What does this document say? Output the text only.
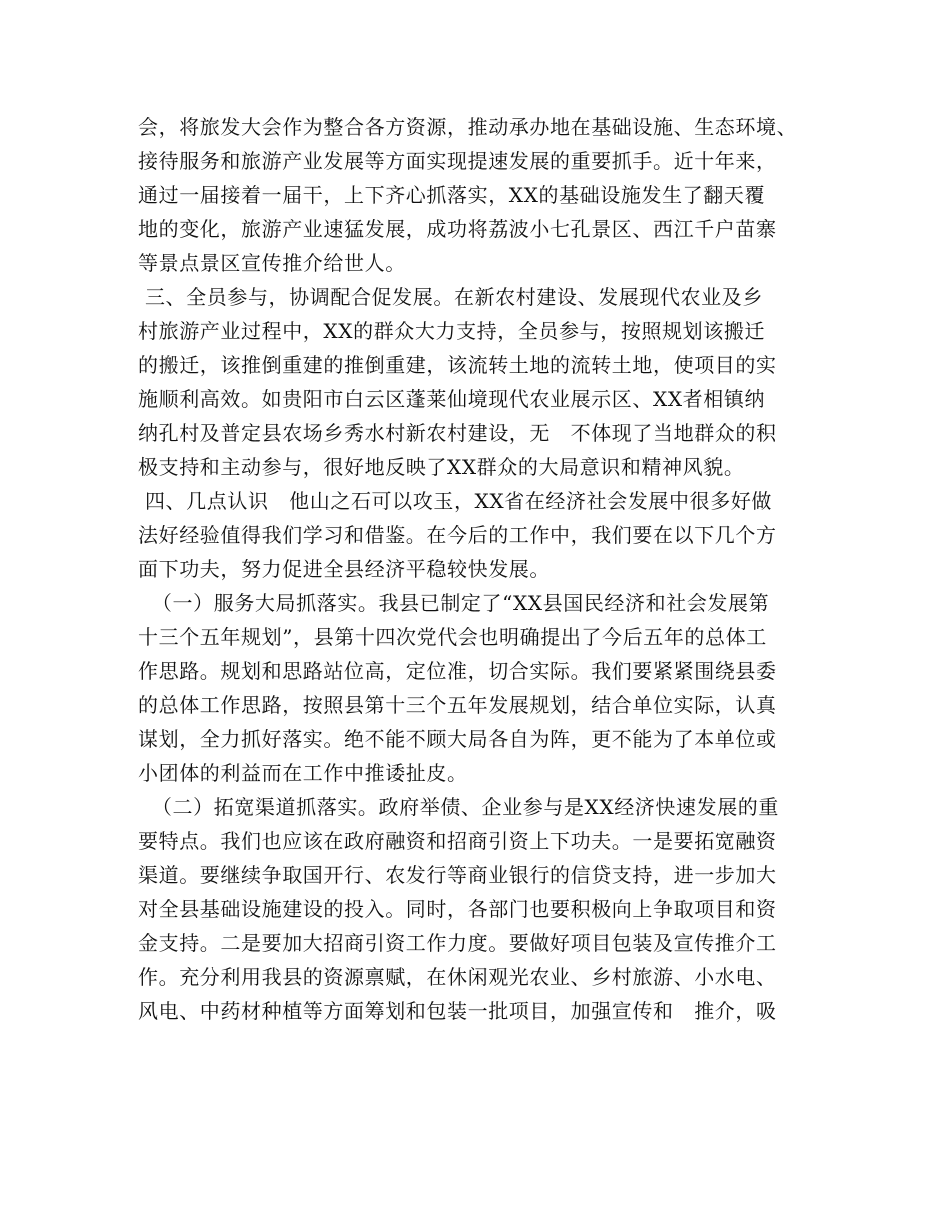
会，将旅发大会作为整合各方资源，推动承办地在基础设施、生态环境、
接待服务和旅游产业发展等方面实现提速发展的重要抓手。近十年来，
通过一届接着一届干，上下齐心抓落实，XX的基础设施发生了翻天覆
地的变化，旅游产业速猛发展，成功将荔波小七孔景区、西江千户苗寨
等景点景区宣传推介给世人。
三、全员参与，协调配合促发展。在新农村建设、发展现代农业及乡
村旅游产业过程中，XX的群众大力支持，全员参与，按照规划该搬迁
的搬迁，该推倒重建的推倒重建，该流转土地的流转土地，使项目的实
施顺利高效。如贵阳市白云区蓬莱仙境现代农业展示区、XX者相镇纳
纳孔村及普定县农场乡秀水村新农村建设，无　不体现了当地群众的积
极支持和主动参与，很好地反映了XX群众的大局意识和精神风貌。
四、几点认识　他山之石可以攻玉，XX省在经济社会发展中很多好做
法好经验值得我们学习和借鉴。在今后的工作中，我们要在以下几个方
面下功夫，努力促进全县经济平稳较快发展。
（一）服务大局抓落实。我县已制定了“XX县国民经济和社会发展第
十三个五年规划”，县第十四次党代会也明确提出了今后五年的总体工
作思路。规划和思路站位高，定位准，切合实际。我们要紧紧围绕县委
的总体工作思路，按照县第十三个五年发展规划，结合单位实际，认真
谋划，全力抓好落实。绝不能不顾大局各自为阵，更不能为了本单位或
小团体的利益而在工作中推诿扯皮。
（二）拓宽渠道抓落实。政府举债、企业参与是XX经济快速发展的重
要特点。我们也应该在政府融资和招商引资上下功夫。一是要拓宽融资
渠道。要继续争取国开行、农发行等商业银行的信贷支持，进一步加大
对全县基础设施建设的投入。同时，各部门也要积极向上争取项目和资
金支持。二是要加大招商引资工作力度。要做好项目包装及宣传推介工
作。充分利用我县的资源禀赋，在休闲观光农业、乡村旅游、小水电、
风电、中药材种植等方面筹划和包装一批项目，加强宣传和　推介，吸
